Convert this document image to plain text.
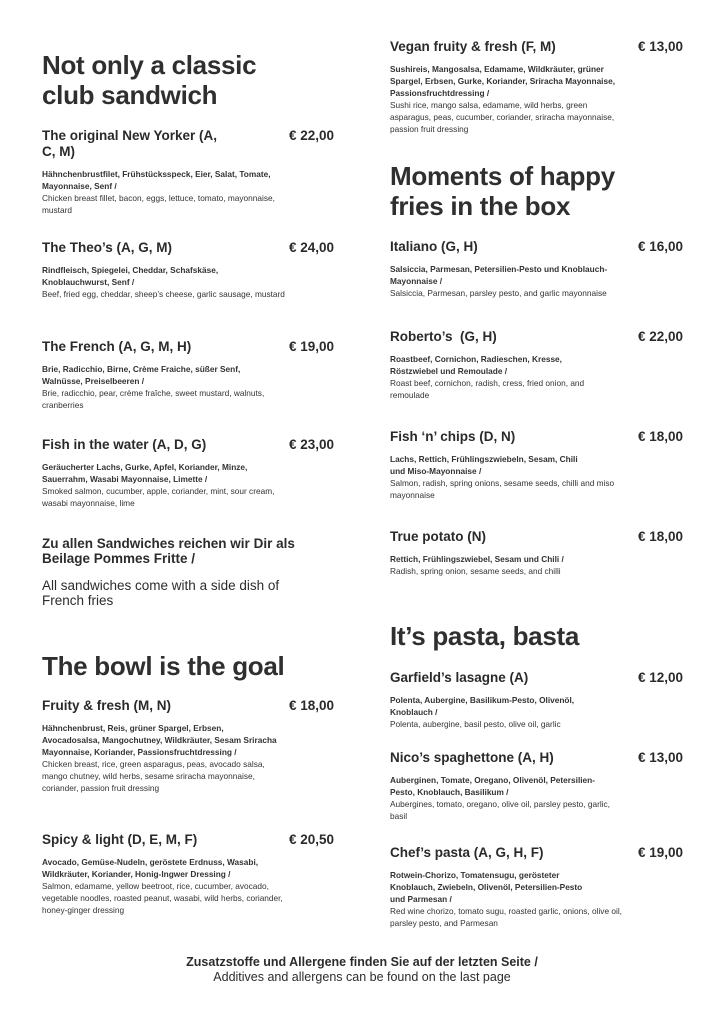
Not only a classic
club sandwich
The original New Yorker (A, C, M)
€ 22,00
Hähnchenbrustfilet, Frühstücksspeck, Eier, Salat, Tomate, Mayonnaise, Senf /
Chicken breast fillet, bacon, eggs, lettuce, tomato, mayonnaise, mustard
The Theo’s (A, G, M)	€ 24,00
Rindfleisch, Spiegelei, Cheddar, Schafskäse, Knoblauchwurst, Senf /
Beef, fried egg, cheddar, sheep’s cheese, garlic sausage, mustard
The French (A, G, M, H)	€ 19,00
Brie, Radicchio, Birne, Crème Fraiche, süßer Senf, Walnüsse, Preiselbeeren /
Brie, radicchio, pear, crème fraîche, sweet mustard, walnuts, cranberries
Fish in the water (A, D, G)	€ 23,00
Geräucherter Lachs, Gurke, Apfel, Koriander, Minze, Sauerrahm, Wasabi Mayonnaise, Limette /
Smoked salmon, cucumber, apple, coriander, mint, sour cream, wasabi mayonnaise, lime
Zu allen Sandwiches reichen wir Dir als Beilage Pommes Fritte /
All sandwiches come with a side dish of French fries
The bowl is the goal
Fruity & fresh (M, N)	€ 18,00
Hähnchenbrust, Reis, grüner Spargel, Erbsen, Avocadosalsa, Mangochutney, Wildkräuter, Sesam Sriracha Mayonnaise, Koriander, Passionsfruchtdressing /
Chicken breast, rice, green asparagus, peas, avocado salsa, mango chutney, wild herbs, sesame sriracha mayonnaise, coriander, passion fruit dressing
Spicy & light (D, E, M, F)	€ 20,50
Avocado, Gemüse-Nudeln, geröstete Erdnuss, Wasabi, Wildkräuter, Koriander, Honig-Ingwer Dressing /
Salmon, edamame, yellow beetroot, rice, cucumber, avocado, vegetable noodles, roasted peanut, wasabi, wild herbs, coriander, honey-ginger dressing
Vegan fruity & fresh (F, M)	€ 13,00
Sushireis, Mangosalsa, Edamame, Wildkräuter, grüner Spargel, Erbsen, Gurke, Koriander, Sriracha Mayonnaise, Passionsfruchtdressing /
Sushi rice, mango salsa, edamame, wild herbs, green asparagus, peas, cucumber, coriander, sriracha mayonnaise, passion fruit dressing
Moments of happy
fries in the box
Italiano (G, H)	€ 16,00
Salsiccia, Parmesan, Petersilien-Pesto und Knoblauch-Mayonnaise /
Salsiccia, Parmesan, parsley pesto, and garlic mayonnaise
Roberto’s  (G, H)	€ 22,00
Roastbeef, Cornichon, Radieschen, Kresse, Röstzwiebel und Remoulade /
Roast beef, cornichon, radish, cress, fried onion, and remoulade
Fish ‘n’ chips (D, N)	€ 18,00
Lachs, Rettich, Frühlingszwiebeln, Sesam, Chili und Miso-Mayonnaise /
Salmon, radish, spring onions, sesame seeds, chilli and miso mayonnaise
True potato (N)	€ 18,00
Rettich, Frühlingszwiebel, Sesam und Chili /
Radish, spring onion, sesame seeds, and chilli
It’s pasta, basta
Garfield’s lasagne (A)	€ 12,00
Polenta, Aubergine, Basilikum-Pesto, Olivenöl, Knoblauch /
Polenta, aubergine, basil pesto, olive oil, garlic
Nico’s spaghettone (A, H)	€ 13,00
Auberginen, Tomate, Oregano, Olivenöl, Petersilien-Pesto, Knoblauch, Basilikum /
Aubergines, tomato, oregano, olive oil, parsley pesto, garlic, basil
Chef’s pasta (A, G, H, F)	€ 19,00
Rotwein-Chorizo, Tomatensugu, gerösteter Knoblauch, Zwiebeln, Olivenöl, Petersilien-Pesto und Parmesan /
Red wine chorizo, tomato sugu, roasted garlic, onions, olive oil, parsley pesto, and Parmesan
Zusatzstoffe und Allergene finden Sie auf der letzten Seite /
Additives and allergens can be found on the last page
